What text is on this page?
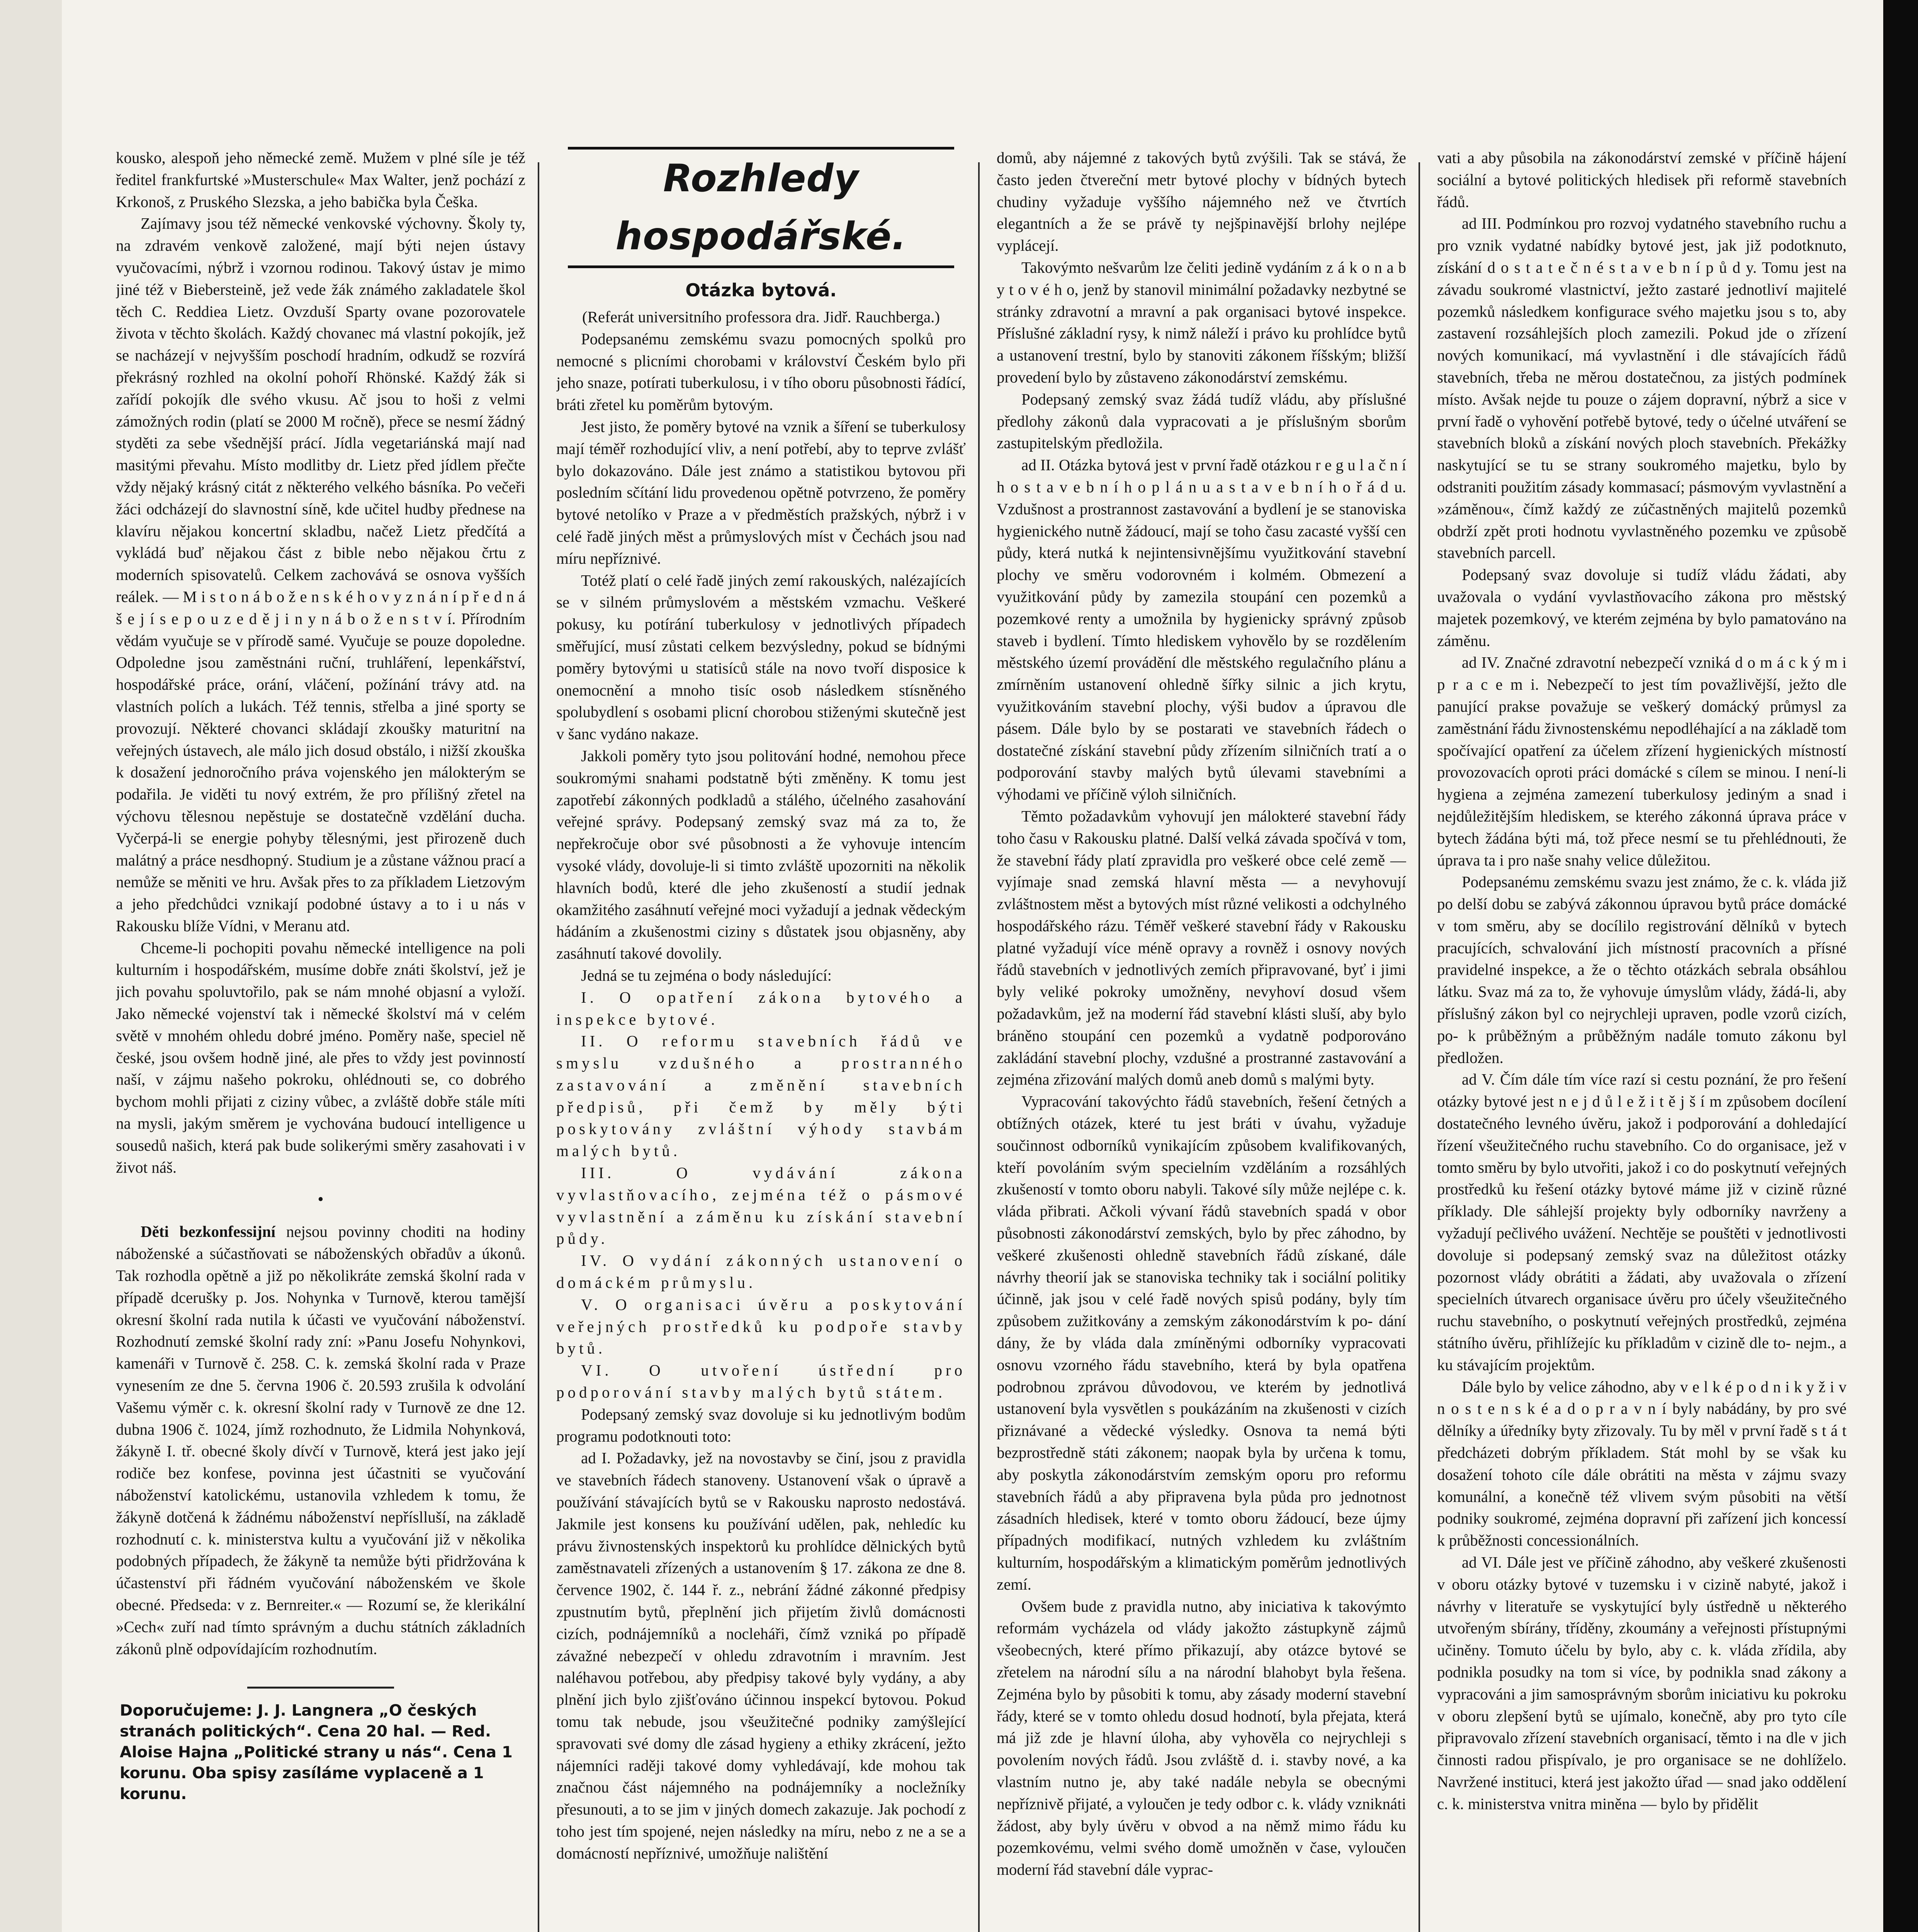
kousko, alespoň jeho německé země. Mužem v plné síle je též ředitel frankfurtské »Musterschule« Max Walter, jenž pochází z Krkonoš, z Pruského Slezska, a jeho babička byla Češka.

Zajímavy jsou též německé venkovské výchovny. Školy ty, na zdravém venkově založené, mají býti nejen ústavy vyučovacími, nýbrž i vzornou rodinou. Takový ústav je mimo jiné též v Biebersteině, jež vede žák známého zakladatele škol těch C. Reddiea Lietz. Ovzduší Sparty ovane pozorovatele života v těchto školách. Každý chovanec má vlastní pokojík, jež se nacházejí v nejvyšším poschodí hradním, odkudž se rozvírá překrásný rozhled na okolní pohoří Rhönské. Každý žák si zařídí pokojík dle svého vkusu. Ač jsou to hoši z velmi zámožných rodin (platí se 2000 M ročně), přece se nesmí žádný styděti za sebe všednější prácí. Jídla vegetariánská mají nad masitými převahu. Místo modlitby dr. Lietz před jídlem přečte vždy nějaký krásný citát z některého velkého básníka. Po večeři žáci odcházejí do slavnostní síně, kde učitel hudby přednese na klavíru nějakou koncertní skladbu, načež Lietz předčítá a vykládá buď nějakou část z bible nebo nějakou črtu z moderních spisovatelů. Celkem zachovává se osnova vyšších reálek. — M i s t o n á b o ž e n s k é h o v y z n á n í p ř e d n á š e j í s e p o u z e d ě j i n y n á b o ž e n s t v í. Přírodním vědám vyučuje se v přírodě samé. Vyučuje se pouze dopoledne. Odpoledne jsou zaměstnáni ruční, truhláření, lepenkářství, hospodářské práce, orání, vláčení, požínání trávy atd. na vlastních polích a lukách. Též tennis, střelba a jiné sporty se provozují. Některé chovanci skládají zkoušky maturitní na veřejných ústavech, ale málo jich dosud obstálo, i nižší zkouška k dosažení jednoročního práva vojenského jen málokterým se podařila. Je viděti tu nový extrém, že pro přílišný zřetel na výchovu tělesnou nepěstuje se dostatečně vzdělání ducha. Vyčerpá-li se energie pohyby tělesnými, jest přirozeně duch malátný a práce nesdhopný. Studium je a zůstane vážnou prací a nemůže se měniti ve hru. Avšak přes to za příkladem Lietzovým a jeho předchůdci vznikají podobné ústavy a to i u nás v Rakousku blíže Vídni, v Meranu atd.

Chceme-li pochopiti povahu německé intelligence na poli kulturním i hospodářském, musíme dobře znáti školství, jež je jich povahu spoluvtořilo, pak se nám mnohé objasní a vyloží. Jako německé vojenství tak i německé školství má v celém světě v mnohém ohledu dobré jméno. Poměry naše, speciel ně české, jsou ovšem hodně jiné, ale přes to vždy jest povinností naší, v zájmu našeho pokroku, ohlédnouti se, co dobrého bychom mohli přijati z ciziny vůbec, a zvláště dobře stále míti na mysli, jakým směrem je vychována budoucí intelligence u sousedů našich, která pak bude solikerými směry zasahovati i v život náš.

•

Děti bezkonfessijní nejsou povinny choditi na hodiny náboženské a súčastňovati se náboženských obřadův a úkonů. Tak rozhodla opětně a již po několikráte zemská školní rada v případě dcerušky p. Jos. Nohynka v Turnově, kterou tamější okresní školní rada nutila k účasti ve vyučování náboženství. Rozhodnutí zemské školní rady zní: »Panu Josefu Nohynkovi, kamenáři v Turnově č. 258. C. k. zemská školní rada v Praze vynesením ze dne 5. června 1906 č. 20.593 zrušila k odvolání Vašemu výměr c. k. okresní školní rady v Turnově ze dne 12. dubna 1906 č. 1024, jímž rozhodnuto, že Lidmila Nohynková, žákyně I. tř. obecné školy dívčí v Turnově, která jest jako její rodiče bez konfese, povinna jest účastniti se vyučování náboženství katolickému, ustanovila vzhledem k tomu, že žákyně dotčená k žádnému náboženství nepříslluší, na základě rozhodnutí c. k. ministerstva kultu a vyučování již v několika podobných případech, že žákyně ta nemůže býti přidržována k účastenství při řádném vyučování náboženském ve škole obecné. Předseda: v z. Bernreiter.« — Rozumí se, že klerikální »Cech« zuří nad tímto správným a duchu státních základních zákonů plně odpovídajícím rozhodnutím.

Doporučujeme: J. J. Langnera „O českých stranách politických“. Cena 20 hal. — Red. Aloise Hajna „Politické strany u nás“. Cena 1 korunu. Oba spisy zasíláme vyplaceně a 1 korunu.

Rozhledy hospodářské.

Otázka bytová.

(Referát universitního professora dra. Jidř. Rauchberga.)

Podepsanému zemskému svazu pomocných spolků pro nemocné s plicními chorobami v království Českém bylo při jeho snaze, potírati tuberkulosu, i v tího oboru působnosti řádící, bráti zřetel ku poměrům bytovým.

Jest jisto, že poměry bytové na vznik a šíření se tuberkulosy mají téměř rozhodující vliv, a není potřebí, aby to teprve zvlášť bylo dokazováno. Dále jest známo a statistikou bytovou při posledním sčítání lidu provedenou opětně potvrzeno, že poměry bytové netolíko v Praze a v předměstích pražských, nýbrž i v celé řadě jiných měst a průmyslových míst v Čechách jsou nad míru nepříznivé.

Totéž platí o celé řadě jiných zemí rakouských, nalézajících se v silném průmyslovém a městském vzmachu. Veškeré pokusy, ku potírání tuberkulosy v jednotlivých případech směřující, musí zůstati celkem bezvýsledny, pokud se bídnými poměry bytovými u statisíců stále na novo tvoří disposice k onemocnění a mnoho tisíc osob následkem stísněného spolubydlení s osobami plicní chorobou stiženými skutečně jest v šanc vydáno nakaze.

Jakkoli poměry tyto jsou politování hodné, nemohou přece soukromými snahami podstatně býti změněny. K tomu jest zapotřebí zákonných podkladů a stálého, účelného zasahování veřejné správy. Podepsaný zemský svaz má za to, že nepřekročuje obor své působnosti a že vyhovuje intencím vysoké vlády, dovoluje-li si timto zvláště upozorniti na několik hlavních bodů, které dle jeho zkušeností a studií jednak okamžitého zasáhnutí veřejné moci vyžadují a jednak vědeckým hádáním a zkušenostmi ciziny s důstatek jsou objasněny, aby zasáhnutí takové dovolily.

Jedná se tu zejména o body následující:

I. O opatření zákona bytového a inspekce bytové.

II. O reformu stavebních řádů ve smyslu vzdušného a prostranného zastavování a změnění stavebních předpisů, při čemž by měly býti poskytovány zvláštní výhody stavbám malých bytů.

III. O vydávání zákona vyvlastňovacího, zejména též o pásmové vyvlastnění a záměnu ku získání stavební půdy.

IV. O vydání zákonných ustanovení o domáckém průmyslu.

V. O organisaci úvěru a poskytování veřejných prostředků ku podpoře stavby bytů.

VI. O utvoření ústřední pro podporování stavby malých bytů státem.

Podepsaný zemský svaz dovoluje si ku jednotlivým bodům programu podotknouti toto:

ad I. Požadavky, jež na novostavby se činí, jsou z pravidla ve stavebních řádech stanoveny. Ustanovení však o úpravě a používání stávajících bytů se v Rakousku naprosto nedostává. Jakmile jest konsens ku používání udělen, pak, nehledíc ku právu živnostenských inspektorů ku prohlídce dělnických bytů zaměstnavateli zřízených a ustanovením § 17. zákona ze dne 8. července 1902, č. 144 ř. z., nebrání žádné zákonné předpisy zpustnutím bytů, přeplnění jich přijetím živlů domácnosti cizích, podnájemníků a nocleháři, čímž vzniká po případě závažné nebezpečí v ohledu zdravotním i mravním. Jest naléhavou potřebou, aby předpisy takové byly vydány, a aby plnění jich bylo zjišťováno účinnou inspekcí bytovou. Pokud tomu tak nebude, jsou všeužitečné podniky zamýšlející spravovati své domy dle zásad hygieny a ethiky zkrácení, ježto nájemníci raději takové domy vyhledávají, kde mohou tak značnou část nájemného na podnájemníky a nocležníky přesunouti, a to se jim v jiných domech zakazuje. Jak pochodí z toho jest tím spojené, nejen následky na míru, nebo z ne a se a domácností nepříznivé, umožňuje nalištění

domů, aby nájemné z takových bytů zvýšili. Tak se stává, že často jeden čtvereční metr bytové plochy v bídných bytech chudiny vyžaduje vyššího nájemného než ve čtvrtích elegantních a že se právě ty nejšpinavější brlohy nejlépe vyplácejí.

Takovýmto nešvarům lze čeliti jedině vydáním z á k o n a b y t o v é h o, jenž by stanovil minimální požadavky nezbytné se stránky zdravotní a mravní a pak organisaci bytové inspekce. Příslušné základní rysy, k nimž náleží i právo ku prohlídce bytů a ustanovení trestní, bylo by stanoviti zákonem říšským; bližší provedení bylo by zůstaveno zákonodárství zemskému.

Podepsaný zemský svaz žádá tudíž vládu, aby příslušné předlohy zákonů dala vypracovati a je příslušným sborům zastupitelským předložila.

ad II. Otázka bytová jest v první řadě otázkou r e g u l a č n í h o s t a v e b n í h o p l á n u a s t a v e b n í h o ř á d u. Vzdušnost a prostrannost zastavování a bydlení je se stanoviska hygienického nutně žádoucí, mají se toho času zacasté vyšší cen půdy, která nutká k nejintensivnějšímu využitkování stavební plochy ve směru vodorovném i kolmém. Obmezení a využitkování půdy by zamezila stoupání cen pozemků a pozemkové renty a umožnila by hygienicky správný způsob staveb i bydlení. Tímto hlediskem vyhovělo by se rozdělením městského území provádění dle městského regulačního plánu a zmírněním ustanovení ohledně šířky silnic a jich krytu, využitkováním stavební plochy, výši budov a úpravou dle pásem. Dále bylo by se postarati ve stavebních řádech o dostatečné získání stavební půdy zřízením silničních tratí a o podporování stavby malých bytů úlevami stavebními a výhodami ve příčině výloh silničních.

Těmto požadavkům vyhovují jen málokteré stavební řády toho času v Rakousku platné. Další velká závada spočívá v tom, že stavební řády platí zpravidla pro veškeré obce celé země — vyjímaje snad zemská hlavní města — a nevyhovují zvláštnostem měst a bytových míst různé velikosti a odchylného hospodářského rázu. Téměř veškeré stavební řády v Rakousku platné vyžadují více méně opravy a rovněž i osnovy nových řádů stavebních v jednotlivých zemích připravované, byť i jimi byly veliké pokroky umožněny, nevyhoví dosud všem požadavkům, jež na moderní řád stavební klásti sluší, aby bylo bráněno stoupání cen pozemků a vydatně podporováno zakládání stavební plochy, vzdušné a prostranné zastavování a zejména zřizování malých domů aneb domů s malými byty.

Vypracování takovýchto řádů stavebních, řešení četných a obtížných otázek, které tu jest bráti v úvahu, vyžaduje součinnost odborníků vynikajícím způsobem kvalifikovaných, kteří povoláním svým specielním vzděláním a rozsáhlých zkušeností v tomto oboru nabyli. Takové síly může nejlépe c. k. vláda přibrati. Ačkoli vývaní řádů stavebních spadá v obor působnosti zákonodárství zemských, bylo by přec záhodno, by veškeré zkušenosti ohledně stavebních řádů získané, dále návrhy theorií jak se stanoviska techniky tak i sociální politiky účinně, jak jsou v celé řadě nových spisů podány, byly tím způsobem zužitkovány a zemským zákonodárstvím k po- dání dány, že by vláda dala zmíněnými odborníky vypracovati osnovu vzorného řádu stavebního, která by byla opatřena podrobnou zprávou důvodovou, ve kterém by jednotlivá ustanovení byla vysvětlen s poukázáním na zkušenosti v cizích přiznávané a vědecké výsledky. Osnova ta nemá býti bezprostředně státi zákonem; naopak byla by určena k tomu, aby poskytla zákonodárstvím zemským oporu pro reformu stavebních řádů a aby připravena byla půda pro jednotnost zásadních hledisek, které v tomto oboru žádoucí, beze újmy případných modifikací, nutných vzhledem ku zvláštním kulturním, hospodářským a klimatickým poměrům jednotlivých zemí.

Ovšem bude z pravidla nutno, aby iniciativa k takovýmto reformám vycházela od vlády jakožto zástupkyně zájmů všeobecných, které přímo přikazují, aby otázce bytové se zřetelem na národní sílu a na národní blahobyt byla řešena. Zejména bylo by působiti k tomu, aby zásady moderní stavební řády, které se v tomto ohledu dosud hodnotí, byla přejata, která má již zde je hlavní úloha, aby vyhověla co nejrychleji s povolením nových řádů. Jsou zvláště d. i. stavby nové, a ka vlastním nutno je, aby také nadále nebyla se obecnými nepříznivě přijaté, a vyloučen je tedy odbor c. k. vlády vzniknáti žádost, aby byly úvěru v obvod a na němž mimo řádu ku pozemkovému, velmi svého domě umožněn v čase, vyloučen moderní řád stavební dále vyprac-

vati a aby působila na zákonodárství zemské v příčině hájení sociální a bytové politických hledisek při reformě stavebních řádů.

ad III. Podmínkou pro rozvoj vydatného stavebního ruchu a pro vznik vydatné nabídky bytové jest, jak již podotknuto, získání d o s t a t e č n é s t a v e b n í p ů d y. Tomu jest na závadu soukromé vlastnictví, ježto zastaré jednotliví majitelé pozemků následkem konfigurace svého majetku jsou s to, aby zastavení rozsáhlejších ploch zamezili. Pokud jde o zřízení nových komunikací, má vyvlastnění i dle stávajících řádů stavebních, třeba ne měrou dostatečnou, za jistých podmínek místo. Avšak nejde tu pouze o zájem dopravní, nýbrž a sice v první řadě o vyhovění potřebě bytové, tedy o účelné utváření se stavebních bloků a získání nových ploch stavebních. Překážky naskytující se tu se strany soukromého majetku, bylo by odstraniti použitím zásady kommasací; pásmovým vyvlastnění a »záměnou«, čímž každý ze zúčastněných majitelů pozemků obdrží zpět proti hodnotu vyvlastněného pozemku ve způsobě stavebních parcell.

Podepsaný svaz dovoluje si tudíž vládu žádati, aby uvažovala o vydání vyvlastňovacího zákona pro městský majetek pozemkový, ve kterém zejména by bylo pamatováno na záměnu.

ad IV. Značné zdravotní nebezpečí vzniká d o m á c k ý m i p r a c e m i. Nebezpečí to jest tím považlivější, ježto dle panující prakse považuje se veškerý domácký průmysl za zaměstnání řádu živnostenskému nepodléhající a na základě tom spočívající opatření za účelem zřízení hygienických místností provozovacích oproti práci domácké s cílem se minou. I není-li hygiena a zejména zamezení tuberkulosy jediným a snad i nejdůležitějším hlediskem, se kterého zákonná úprava práce v bytech žádána býti má, tož přece nesmí se tu přehlédnouti, že úprava ta i pro naše snahy velice důležitou.

Podepsanému zemskému svazu jest známo, že c. k. vláda již po delší dobu se zabývá zákonnou úpravou bytů práce domácké v tom směru, aby se docílilo registrování dělníků v bytech pracujících, schvalování jich místností pracovních a přísné pravidelné inspekce, a že o těchto otázkách sebrala obsáhlou látku. Svaz má za to, že vyhovuje úmyslům vlády, žádá-li, aby příslušný zákon byl co nejrychleji upraven, podle vzorů cizích, po- k průběžným a průběžným nadále tomuto zákonu byl předložen.

ad V. Čím dále tím více razí si cestu poznání, že pro řešení otázky bytové jest n e j d ů l e ž i t ě j š í m způsobem docílení dostatečného levného úvěru, jakož i podporování a dohledající řízení všeužitečného ruchu stavebního. Co do organisace, jež v tomto směru by bylo utvořiti, jakož i co do poskytnutí veřejných prostředků ku řešení otázky bytové máme již v cizině různé příklady. Dle sáhlejší projekty byly odborníky navrženy a vyžadují pečlivého uvážení. Nechtěje se pouštěti v jednotlivosti dovoluje si podepsaný zemský svaz na důležitost otázky pozornost vlády obrátiti a žádati, aby uvažovala o zřízení specielních útvarech organisace úvěru pro účely všeužitečného ruchu stavebního, o poskytnutí veřejných prostředků, zejména státního úvěru, přihlížejíc ku příkladům v cizině dle to- nejm., a ku stávajícím projektům.

Dále bylo by velice záhodno, aby v e l k é p o d n i k y ž i v n o s t e n s k é a d o p r a v n í byly nabádány, by pro své dělníky a úředníky byty zřizovaly. Tu by měl v první řadě s t á t předcházeti dobrým příkladem. Stát mohl by se však ku dosažení tohoto cíle dále obrátiti na města v zájmu svazy komunální, a konečně též vlivem svým působiti na větší podniky soukromé, zejména dopravní při zařízení jich koncessí k průběžnosti concessionálních.

ad VI. Dále jest ve příčině záhodno, aby veškeré zkušenosti v oboru otázky bytové v tuzemsku i v cizině nabyté, jakož i návrhy v literatuře se vyskytující byly ústředně u některého utvořeným sbírány, tříděny, zkoumány a veřejnosti přístupnými učiněny. Tomuto účelu by bylo, aby c. k. vláda zřídila, aby podnikla posudky na tom si více, by podnikla snad zákony a vypracováni a jim samosprávným sborům iniciativu ku pokroku v oboru zlepšení bytů se ujímalo, konečně, aby pro tyto cíle připravovalo zřízení stavebních organisací, těmto i na dle v jich činnosti radou přispívalo, je pro organisace se ne dohlíželo. Navržené instituci, která jest jakožto úřad — snad jako oddělení c. k. ministerstva vnitra miněna — bylo by přidělit
